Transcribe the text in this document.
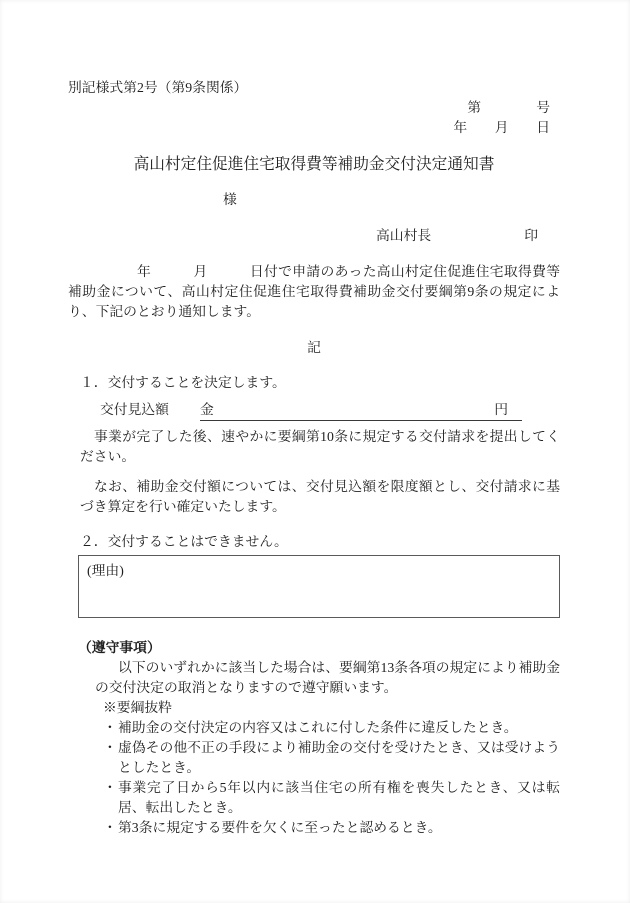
別記様式第2号（第9条関係）
第　　　　号
年　　月　　日
高山村定住促進住宅取得費等補助金交付決定通知書
様
高山村長	印

年　　　月　　　日付で申請のあった高山村定住促進住宅取得費等補助金について、高山村定住促進住宅取得費補助金交付要綱第9条の規定により、下記のとおり通知します。

記
１．交付することを決定します。
交付見込額 金	円

事業が完了した後、速やかに要綱第10条に規定する交付請求を提出してください。

なお、補助金交付額については、交付見込額を限度額とし、交付請求に基づき算定を行い確定いたします。

２．交付することはできません。
(理由)
（遵守事項）

以下のいずれかに該当した場合は、要綱第13条各項の規定により補助金の交付決定の取消となりますので遵守願います。

※要綱抜粋
・ 補助金の交付決定の内容又はこれに付した条件に違反したとき。
・ 虚偽その他不正の手段により補助金の交付を受けたとき、又は受けようとしたとき。
・ 事業完了日から5年以内に該当住宅の所有権を喪失したとき、又は転居、転出したとき。
・ 第3条に規定する要件を欠くに至ったと認めるとき。
